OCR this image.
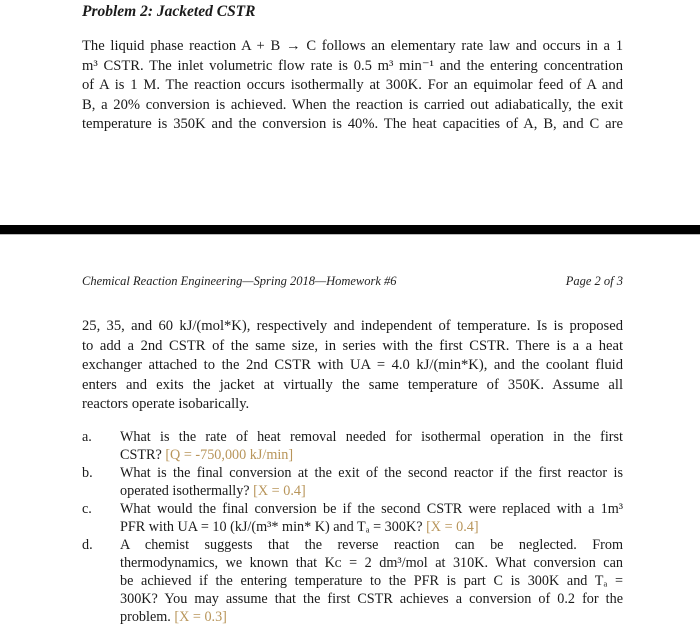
Problem 2: Jacketed CSTR
The liquid phase reaction A + B → C follows an elementary rate law and occurs in a 1
m³ CSTR. The inlet volumetric flow rate is 0.5 m³ min⁻¹ and the entering concentration
of A is 1 M. The reaction occurs isothermally at 300K. For an equimolar feed of A and
B, a 20% conversion is achieved. When the reaction is carried out adiabatically, the exit
temperature is 350K and the conversion is 40%. The heat capacities of A, B, and C are
Chemical Reaction Engineering—Spring 2018—Homework #6	Page 2 of 3
25, 35, and 60 kJ/(mol*K), respectively and independent of temperature. Is is proposed
to add a 2nd CSTR of the same size, in series with the first CSTR. There is a a heat
exchanger attached to the 2nd CSTR with UA = 4.0 kJ/(min*K), and the coolant fluid
enters and exits the jacket at virtually the same temperature of 350K. Assume all
reactors operate isobarically.
a. What is the rate of heat removal needed for isothermal operation in the first
CSTR? [Q = -750,000 kJ/min]
b. What is the final conversion at the exit of the second reactor if the first reactor is
operated isothermally? [X = 0.4]
c. What would the final conversion be if the second CSTR were replaced with a 1m³
PFR with UA = 10 (kJ/(m³* min* K) and Tₐ = 300K? [X = 0.4]
d. A chemist suggests that the reverse reaction can be neglected. From
thermodynamics, we known that Kᴄ = 2 dm³/mol at 310K. What conversion can
be achieved if the entering temperature to the PFR is part C is 300K and Tₐ =
300K? You may assume that the first CSTR achieves a conversion of 0.2 for the
problem. [X = 0.3]
